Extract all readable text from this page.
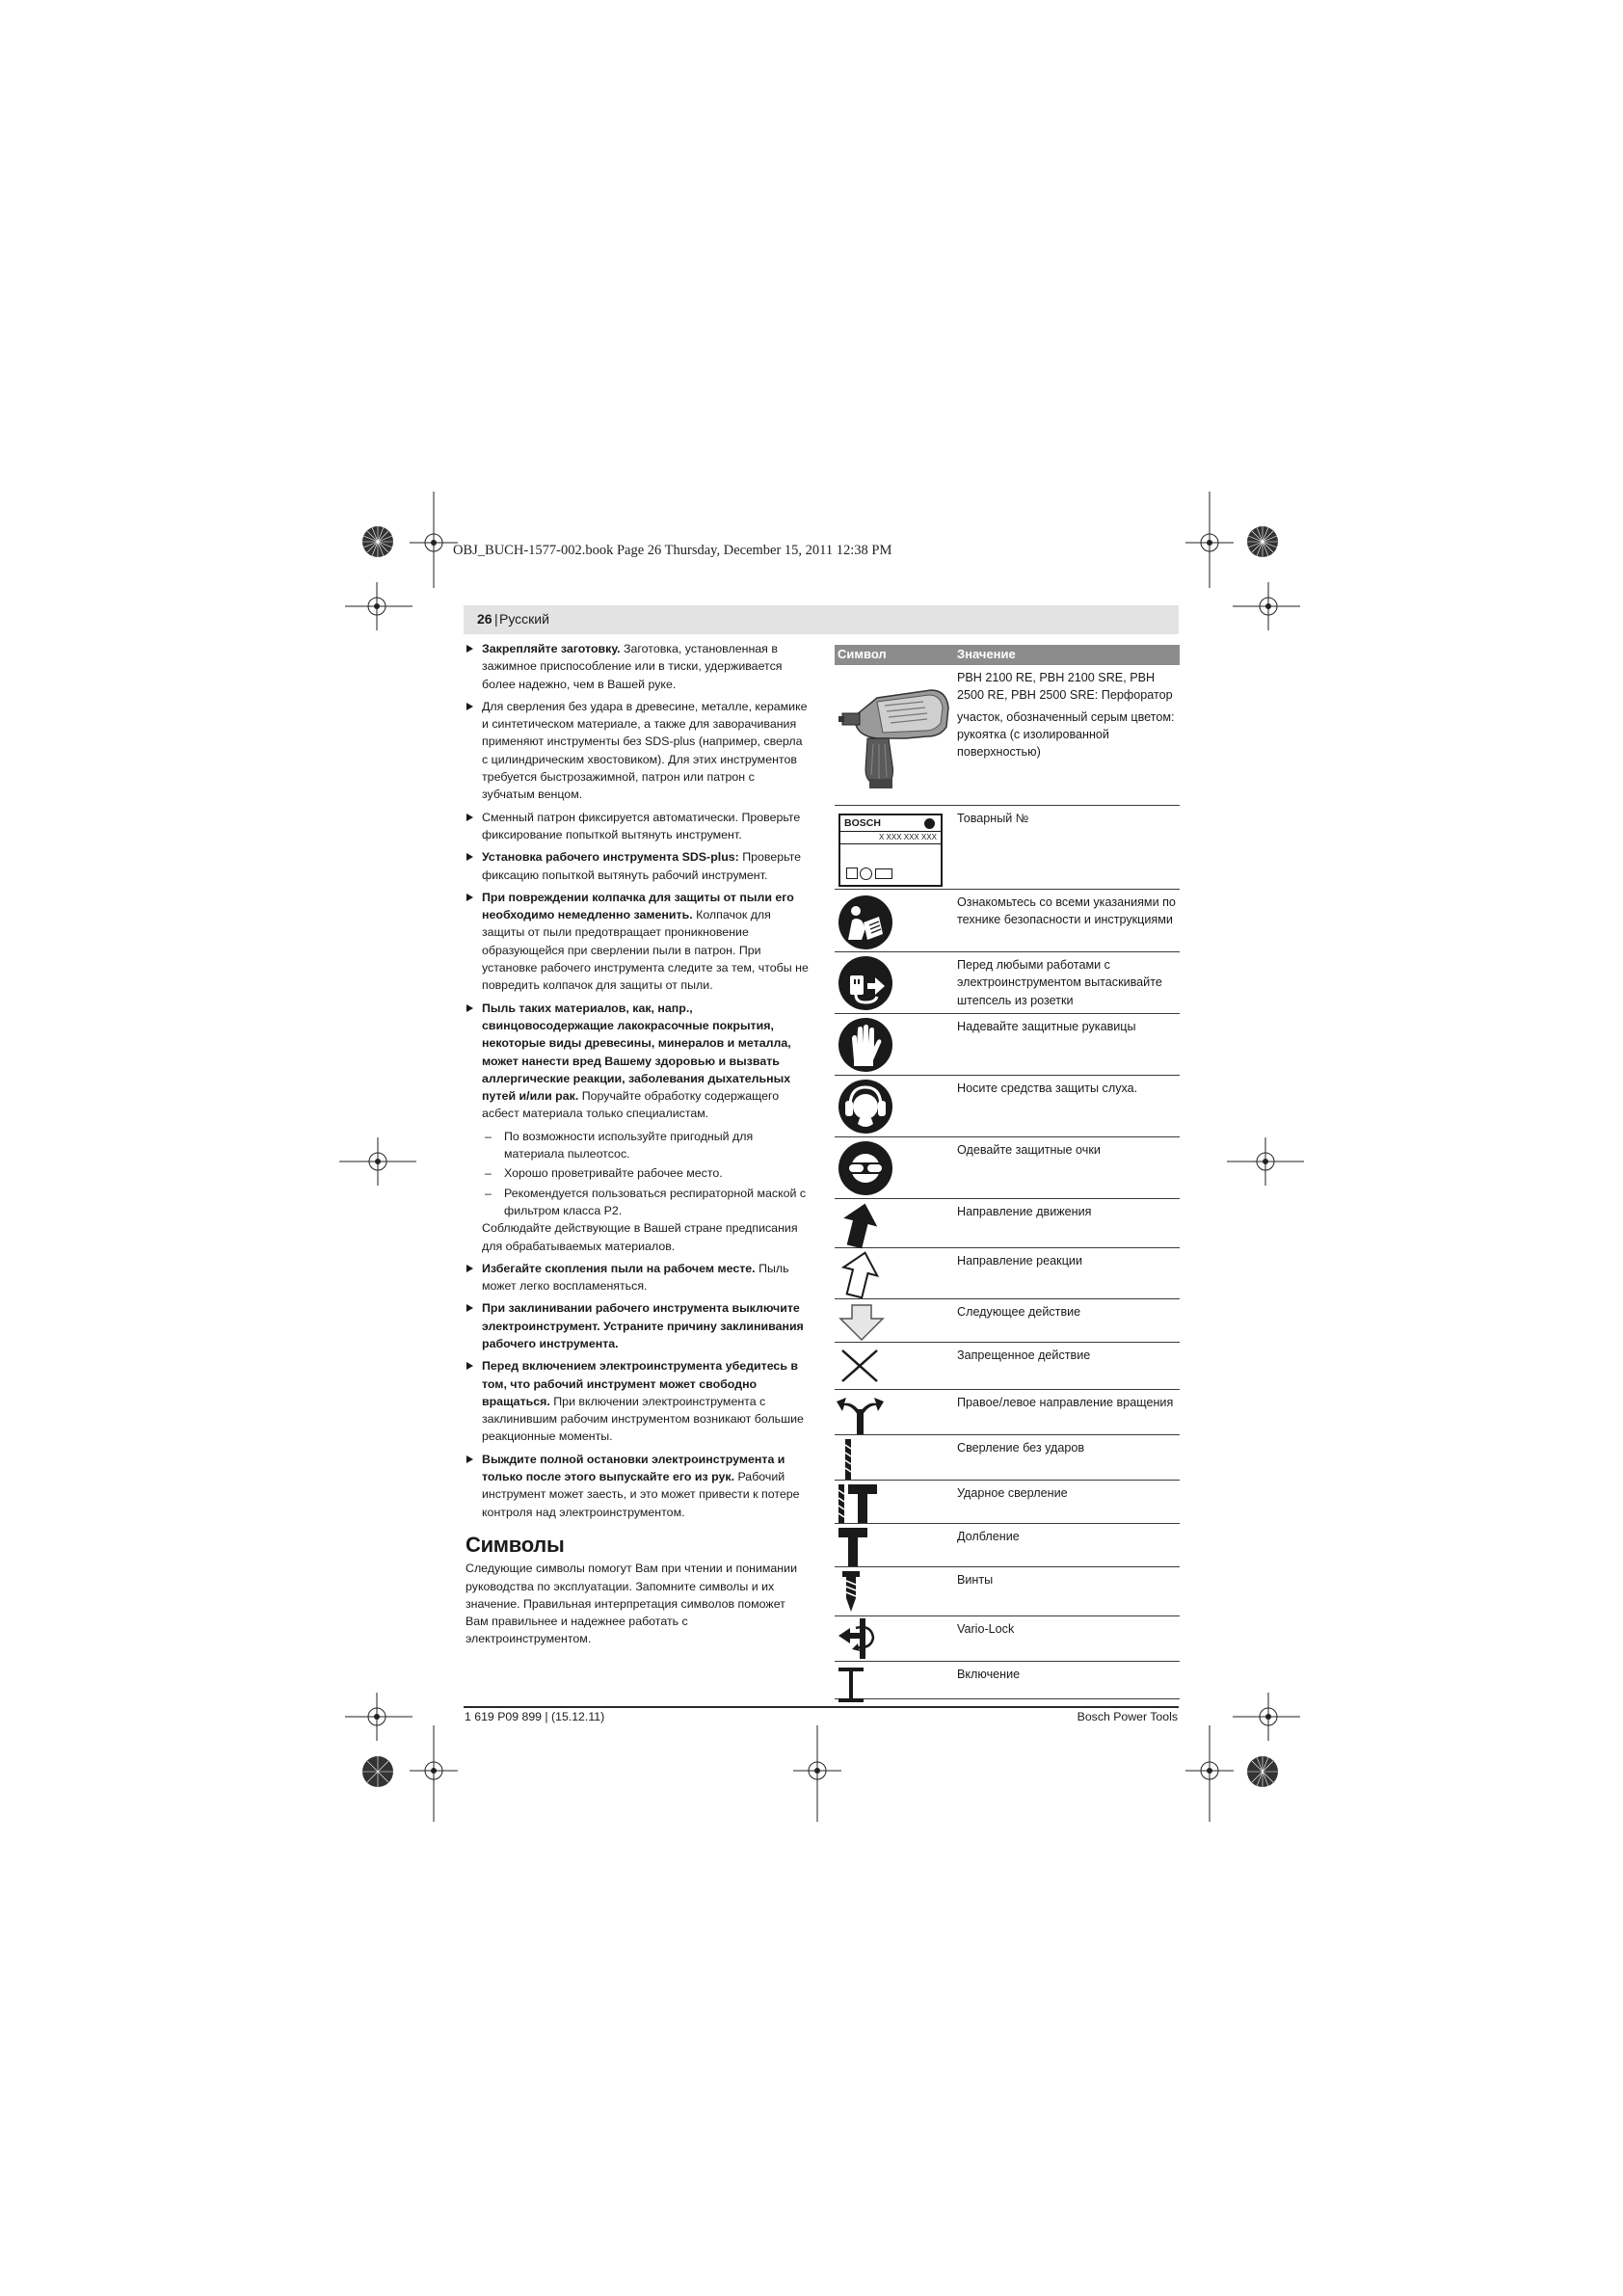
OBJ_BUCH-1577-002.book Page 26 Thursday, December 15, 2011 12:38 PM
26 | Русский
Закрепляйте заготовку. Заготовка, установленная в зажимное приспособление или в тиски, удерживается более надежно, чем в Вашей руке.
Для сверления без удара в древесине, металле, керамике и синтетическом материале, а также для заворачивания применяют инструменты без SDS-plus (например, сверла с цилиндрическим хвостовиком). Для этих инструментов требуется быстрозажимной, патрон или патрон с зубчатым венцом.
Сменный патрон фиксируется автоматически. Проверьте фиксирование попыткой вытянуть инструмент.
Установка рабочего инструмента SDS-plus: Проверьте фиксацию попыткой вытянуть рабочий инструмент.
При повреждении колпачка для защиты от пыли его необходимо немедленно заменить. Колпачок для защиты от пыли предотвращает проникновение образующейся при сверлении пыли в патрон. При установке рабочего инструмента следите за тем, чтобы не повредить колпачок для защиты от пыли.
Пыль таких материалов, как, напр., свинцовосодержащие лакокрасочные покрытия, некоторые виды древесины, минералов и металла, может нанести вред Вашему здоровью и вызвать аллергические реакции, заболевания дыхательных путей и/или рак. Поручайте обработку содержащего асбест материала только специалистам.
– По возможности используйте пригодный для материала пылеотсос.
– Хорошо проветривайте рабочее место.
– Рекомендуется пользоваться респираторной маской с фильтром класса Р2.
Соблюдайте действующие в Вашей стране предписания для обрабатываемых материалов.
Избегайте скопления пыли на рабочем месте. Пыль может легко воспламеняться.
При заклинивании рабочего инструмента выключите электроинструмент. Устраните причину заклинивания рабочего инструмента.
Перед включением электроинструмента убедитесь в том, что рабочий инструмент может свободно вращаться. При включении электроинструмента с заклинившим рабочим инструментом возникают большие реакционные моменты.
Выждите полной остановки электроинструмента и только после этого выпускайте его из рук. Рабочий инструмент может заесть, и это может привести к потере контроля над электроинструментом.
Символы
Следующие символы помогут Вам при чтении и понимании руководства по эксплуатации. Запомните символы и их значение. Правильная интерпретация символов поможет Вам правильнее и надежнее работать с электроинструментом.
Символ	Значение

PBH 2100 RE, PBH 2100 SRE, PBH 2500 RE, PBH 2500 SRE: Перфоратор

участок, обозначенный серым цветом: рукоятка (с изолированной поверхностью)

BOSCH
X XXX XXX XXX

Товарный №

Ознакомьтесь со всеми указаниями по технике безопасности и инструкциями

Перед любыми работами с электроинструментом вытаскивайте штепсель из розетки

Надевайте защитные рукавицы

Носите средства защиты слуха.

Одевайте защитные очки

Направление движения

Направление реакции

Следующее действие

Запрещенное действие

Правое/левое направление вращения

Сверление без ударов

Ударное сверление

Долбление

Винты

Vario-Lock

Включение

1 619 P09 899 | (15.12.11)	Bosch Power Tools
